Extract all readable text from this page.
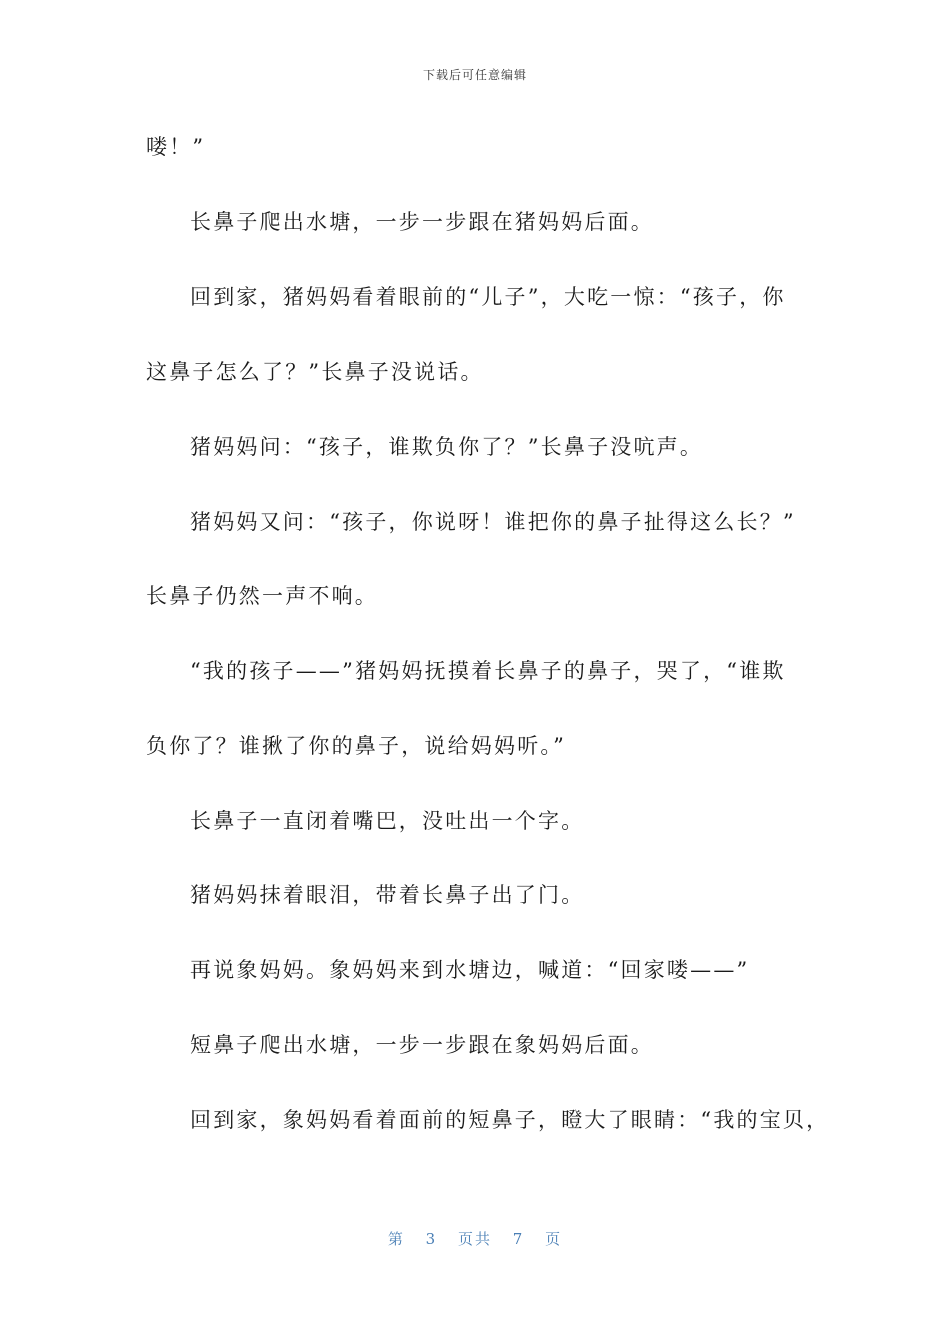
下载后可任意编辑
喽！”
长鼻子爬出水塘，一步一步跟在猪妈妈后面。
回到家，猪妈妈看着眼前的“儿子”，大吃一惊：“孩子，你
这鼻子怎么了？”长鼻子没说话。
猪妈妈问：“孩子，谁欺负你了？”长鼻子没吭声。
猪妈妈又问：“孩子，你说呀！谁把你的鼻子扯得这么长？”
长鼻子仍然一声不响。
“我的孩子——”猪妈妈抚摸着长鼻子的鼻子，哭了，“谁欺
负你了？谁揪了你的鼻子，说给妈妈听。”
长鼻子一直闭着嘴巴，没吐出一个字。
猪妈妈抹着眼泪，带着长鼻子出了门。
再说象妈妈。象妈妈来到水塘边，喊道：“回家喽——”
短鼻子爬出水塘，一步一步跟在象妈妈后面。
回到家，象妈妈看着面前的短鼻子，瞪大了眼睛：“我的宝贝，
第 3 页共 7 页
